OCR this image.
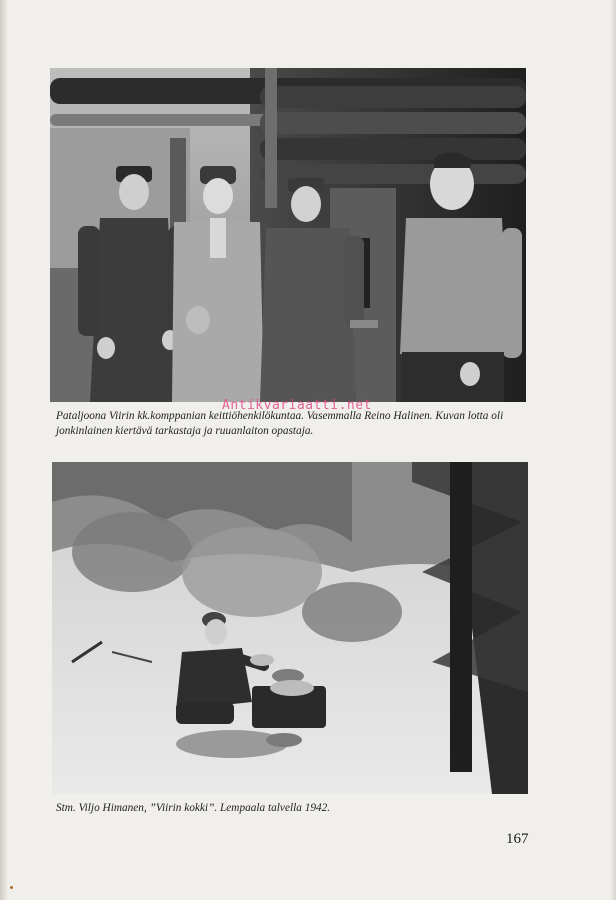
Pataljoona Viirin kk.komppanian keittiöhenkilökuntaa. Vasemmalla Reino Halinen. Kuvan lotta oli jonkinlainen kiertävä tarkastaja ja ruuanlaiton opastaja.
Antikvariaatti.net
Stm. Viljo Himanen, ”Viirin kokki”. Lempaala talvella 1942.
167
